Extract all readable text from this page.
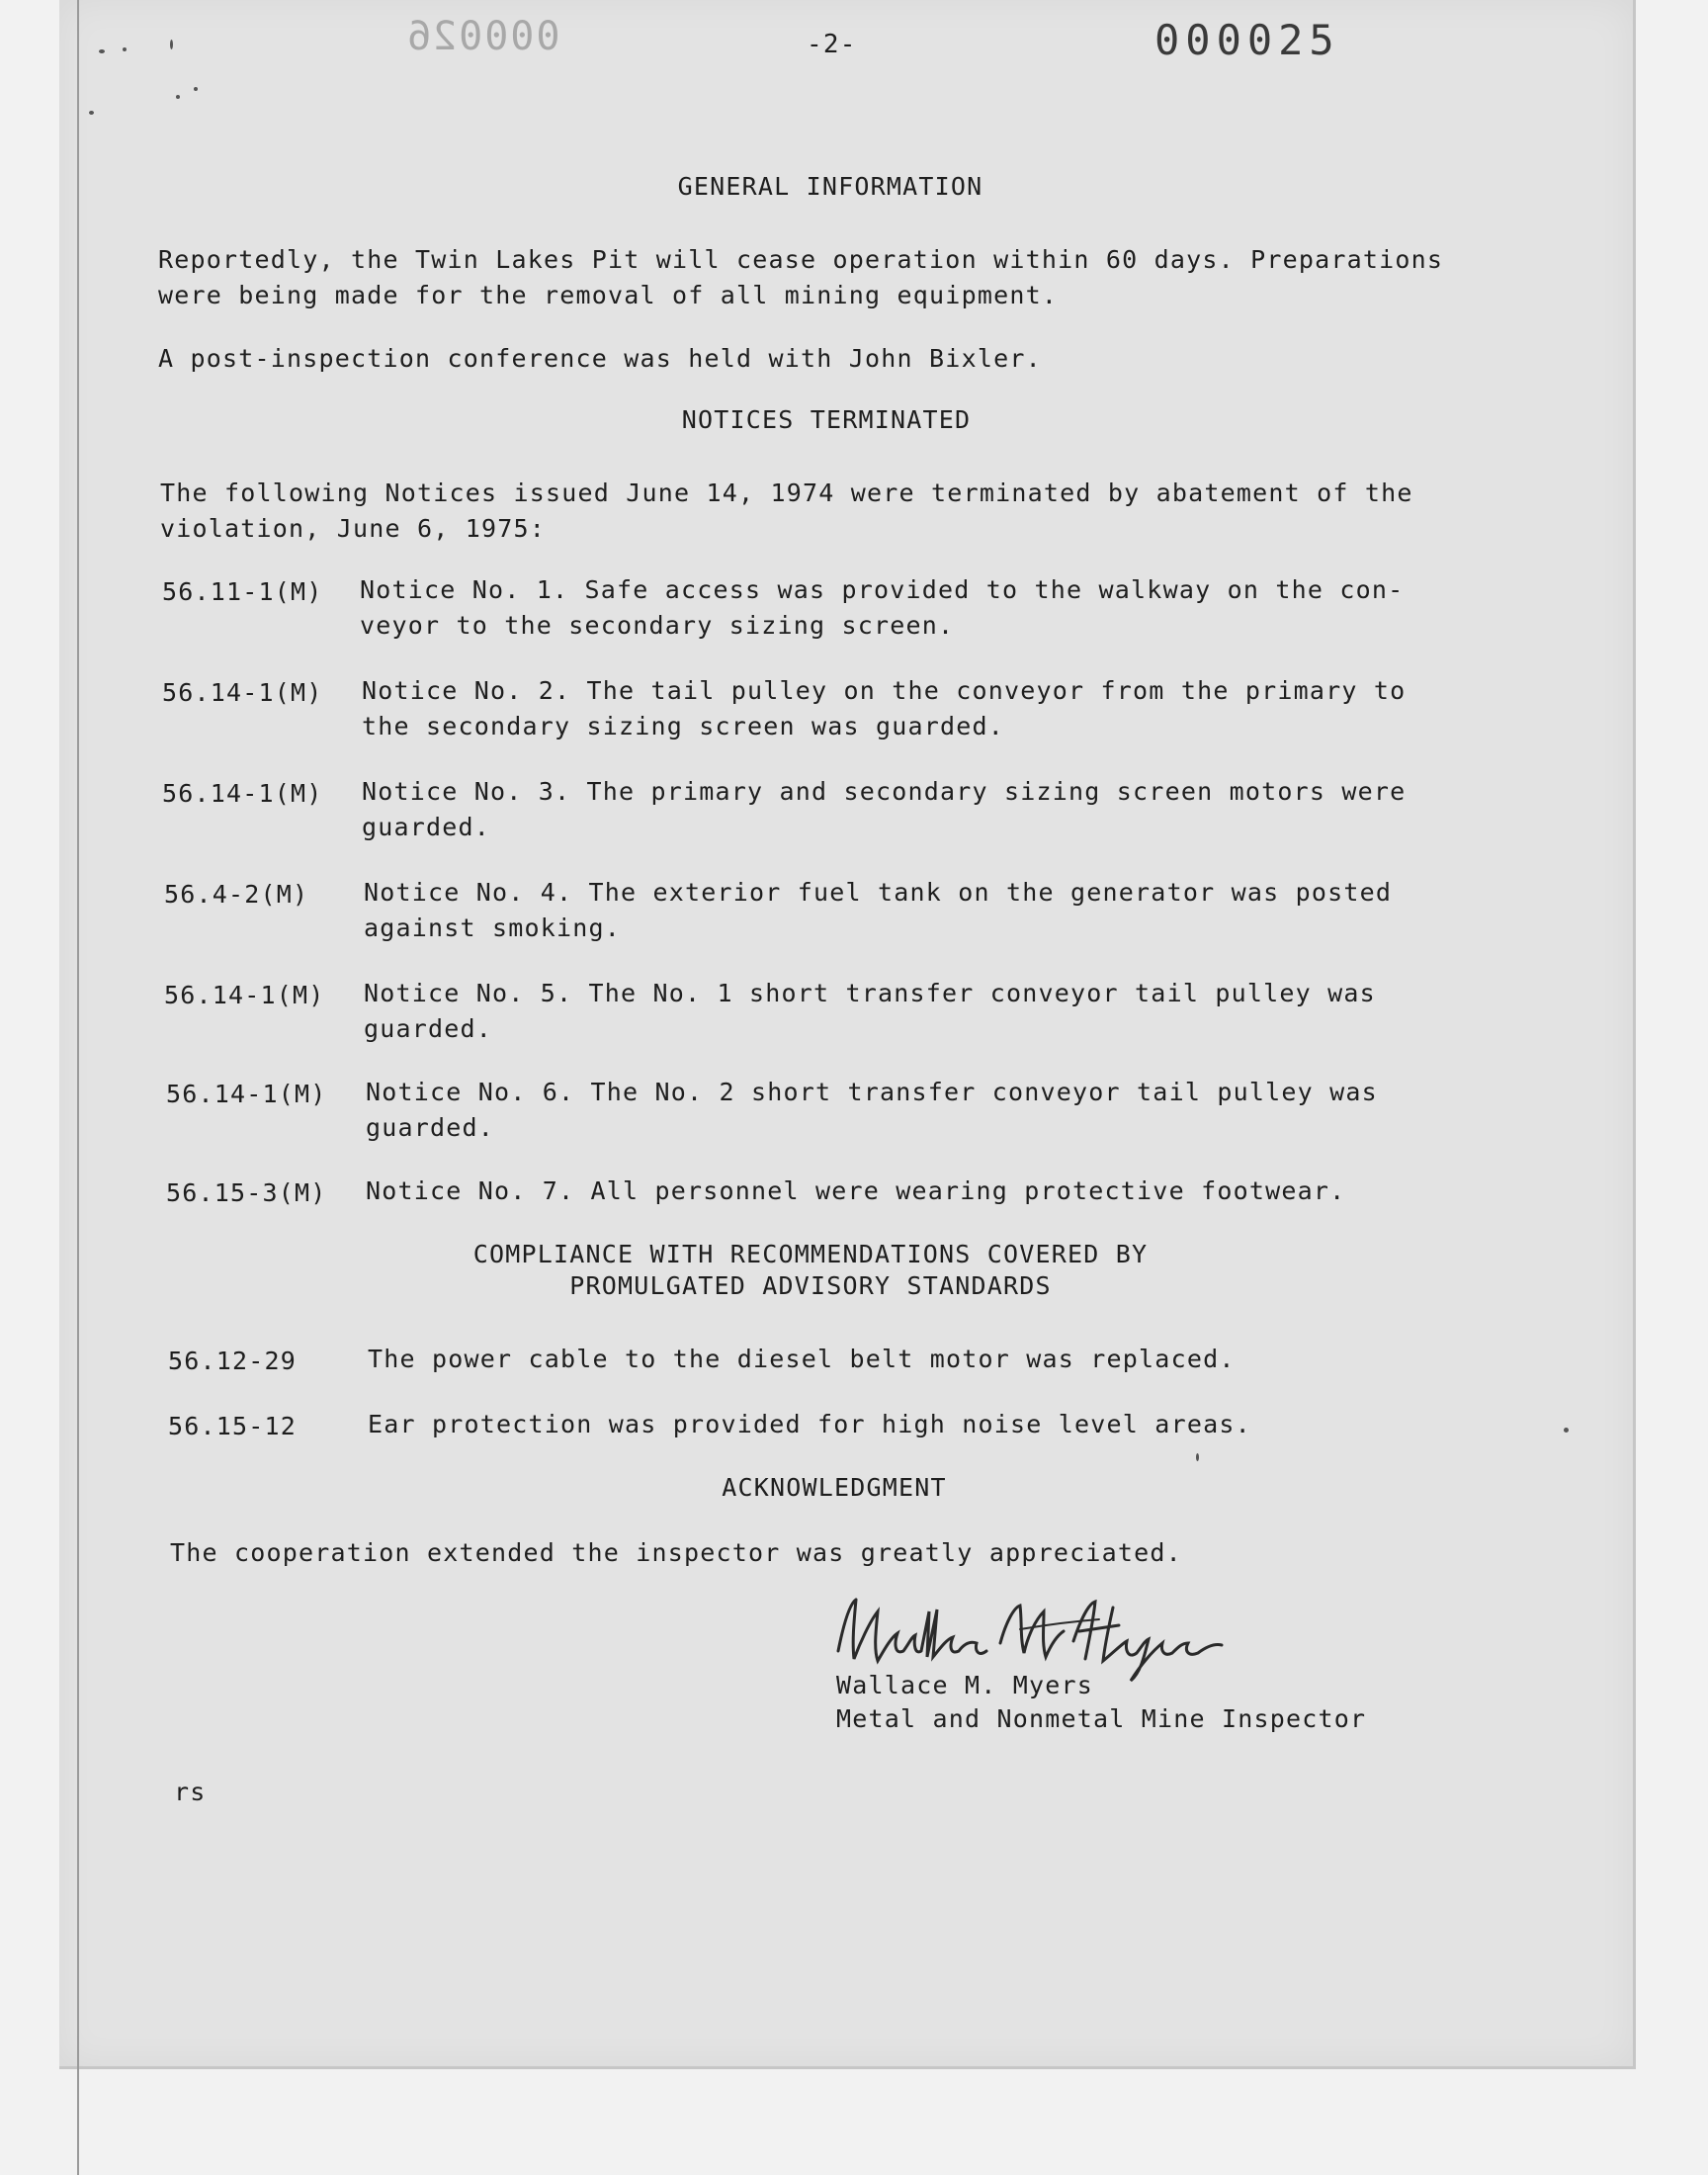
000026	-2-	000025
GENERAL INFORMATION
Reportedly, the Twin Lakes Pit will cease operation within 60 days. Preparations
were being made for the removal of all mining equipment.
A post-inspection conference was held with John Bixler.
NOTICES TERMINATED
The following Notices issued June 14, 1974 were terminated by abatement of the
violation, June 6, 1975:
56.11-1(M) Notice No. 1. Safe access was provided to the walkway on the con-
veyor to the secondary sizing screen.
56.14-1(M) Notice No. 2. The tail pulley on the conveyor from the primary to
the secondary sizing screen was guarded.
56.14-1(M) Notice No. 3. The primary and secondary sizing screen motors were
guarded.
56.4-2(M) Notice No. 4. The exterior fuel tank on the generator was posted
against smoking.
56.14-1(M) Notice No. 5. The No. 1 short transfer conveyor tail pulley was
guarded.
56.14-1(M) Notice No. 6. The No. 2 short transfer conveyor tail pulley was
guarded.
56.15-3(M) Notice No. 7. All personnel were wearing protective footwear.
COMPLIANCE WITH RECOMMENDATIONS COVERED BY
PROMULGATED ADVISORY STANDARDS
56.12-29	The power cable to the diesel belt motor was replaced.
56.15-12	Ear protection was provided for high noise level areas.
ACKNOWLEDGMENT
The cooperation extended the inspector was greatly appreciated.
Wallace M. Myers
Metal and Nonmetal Mine Inspector
rs
